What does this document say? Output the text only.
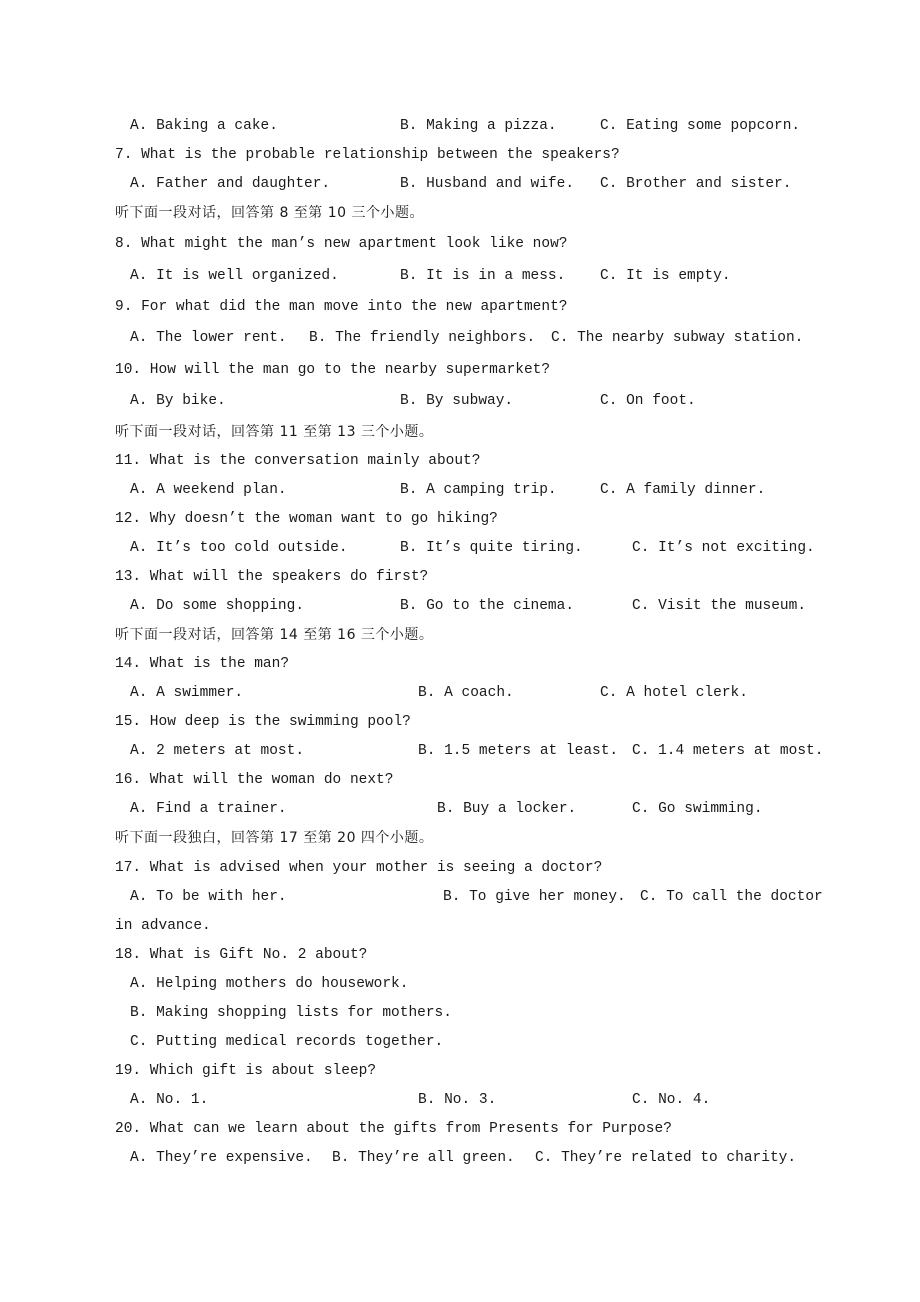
A. Baking a cake.	B. Making a pizza.	C. Eating some popcorn.
7. What is the probable relationship between the speakers?
A. Father and daughter.	B. Husband and wife. C. Brother and sister.
听下面一段对话，回答第 8 至第 10 三个小题。
8. What might the man’s new apartment look like now?
A. It is well organized.	B. It is in a mess. C. It is empty.
9. For what did the man move into the new apartment?
A. The lower rent. B. The friendly neighbors. C. The nearby subway station.
10. How will the man go to the nearby supermarket?
A. By bike.	B. By subway.	C. On foot.
听下面一段对话，回答第 11 至第 13 三个小题。
11. What is the conversation mainly about?
A. A weekend plan.	B. A camping trip.	C. A family dinner.
12. Why doesn’t the woman want to go hiking?
A. It’s too cold outside.	B. It’s quite tiring.	C. It’s not exciting.
13. What will the speakers do first?
A. Do some shopping.	B. Go to the cinema.	C. Visit the museum.
听下面一段对话，回答第 14 至第 16 三个小题。
14. What is the man?
A. A swimmer.	B. A coach.	C. A hotel clerk.
15. How deep is the swimming pool?
A. 2 meters at most.	B. 1.5 meters at least. C. 1.4 meters at most.
16. What will the woman do next?
A. Find a trainer.	B. Buy a locker.	C. Go swimming.
听下面一段独白，回答第 17 至第 20 四个小题。
17. What is advised when your mother is seeing a doctor?
A. To be with her.	B. To give her money. C. To call the doctor
in advance.
18. What is Gift No. 2 about?
A. Helping mothers do housework.
B. Making shopping lists for mothers.
C. Putting medical records together.
19. Which gift is about sleep?
A. No. 1.	B. No. 3.	C. No. 4.
20. What can we learn about the gifts from Presents for Purpose?
A. They’re expensive. B. They’re all green. C. They’re related to charity.
